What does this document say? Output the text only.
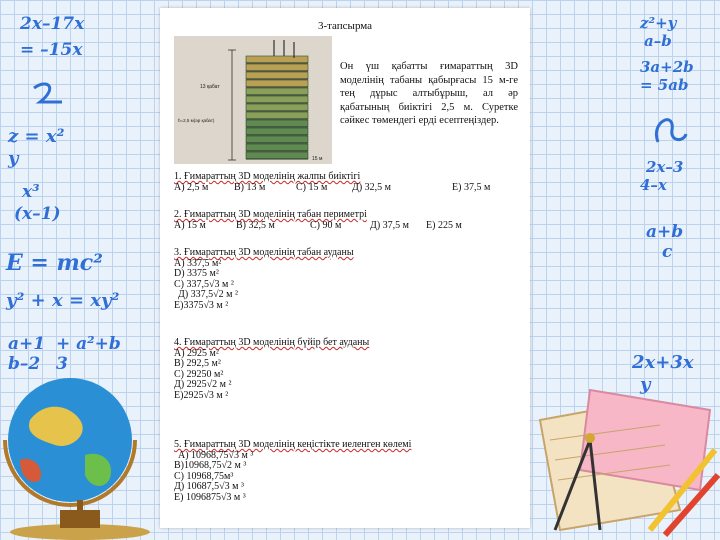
2x–17x
= –15x
z = x²
y
x³
(x–1)
E = mc²
y² + x = xy²
a+1
b–2
+ a²+b
3
z²+y
a–b
3a+2b
= 5ab
2x–3
4–x
a+b
c
2x+3x
y
3-тапсырма
13 қабат
h=2,5 м(әр қабат)
15 м
Он үш қабатты ғимараттың 3D моделінің табаны қабырғасы 15 м-ге тең дұрыс алтыбұрыш, ал әр қабатының биіктігі 2,5 м. Суретке сәйкес төмендегі ерді есептеңіздер.
1. Ғимараттың 3D моделінің жалпы биіктігі
A) 2,5 м	B) 13 м	C) 15 м Д) 32,5 м	E) 37,5 м
2. Ғимараттың 3D моделінің табан периметрі
A) 15 м	B) 32,5 м	C) 90 м	Д) 37,5 м E) 225 м
3. Ғимараттың 3D моделінің табан ауданы
A) 337,5 м²
D) 3375 м²
C) 337,5√3 м ²
Д) 337,5√2 м ²
E)3375√3 м ²
4. Ғимараттың 3D моделінің бүйір бет ауданы
A) 2925 м²
B) 292,5 м²
C) 29250 м²
Д) 2925√2 м ²
E)2925√3 м ²
5. Ғимараттың 3D моделінің кеңістікте иеленген көлемі
A) 10968,75√3 м ³
B)10968,75√2 м ³
C) 10968,75м³
Д) 10687,5√3 м ³
E) 1096875√3 м ³
